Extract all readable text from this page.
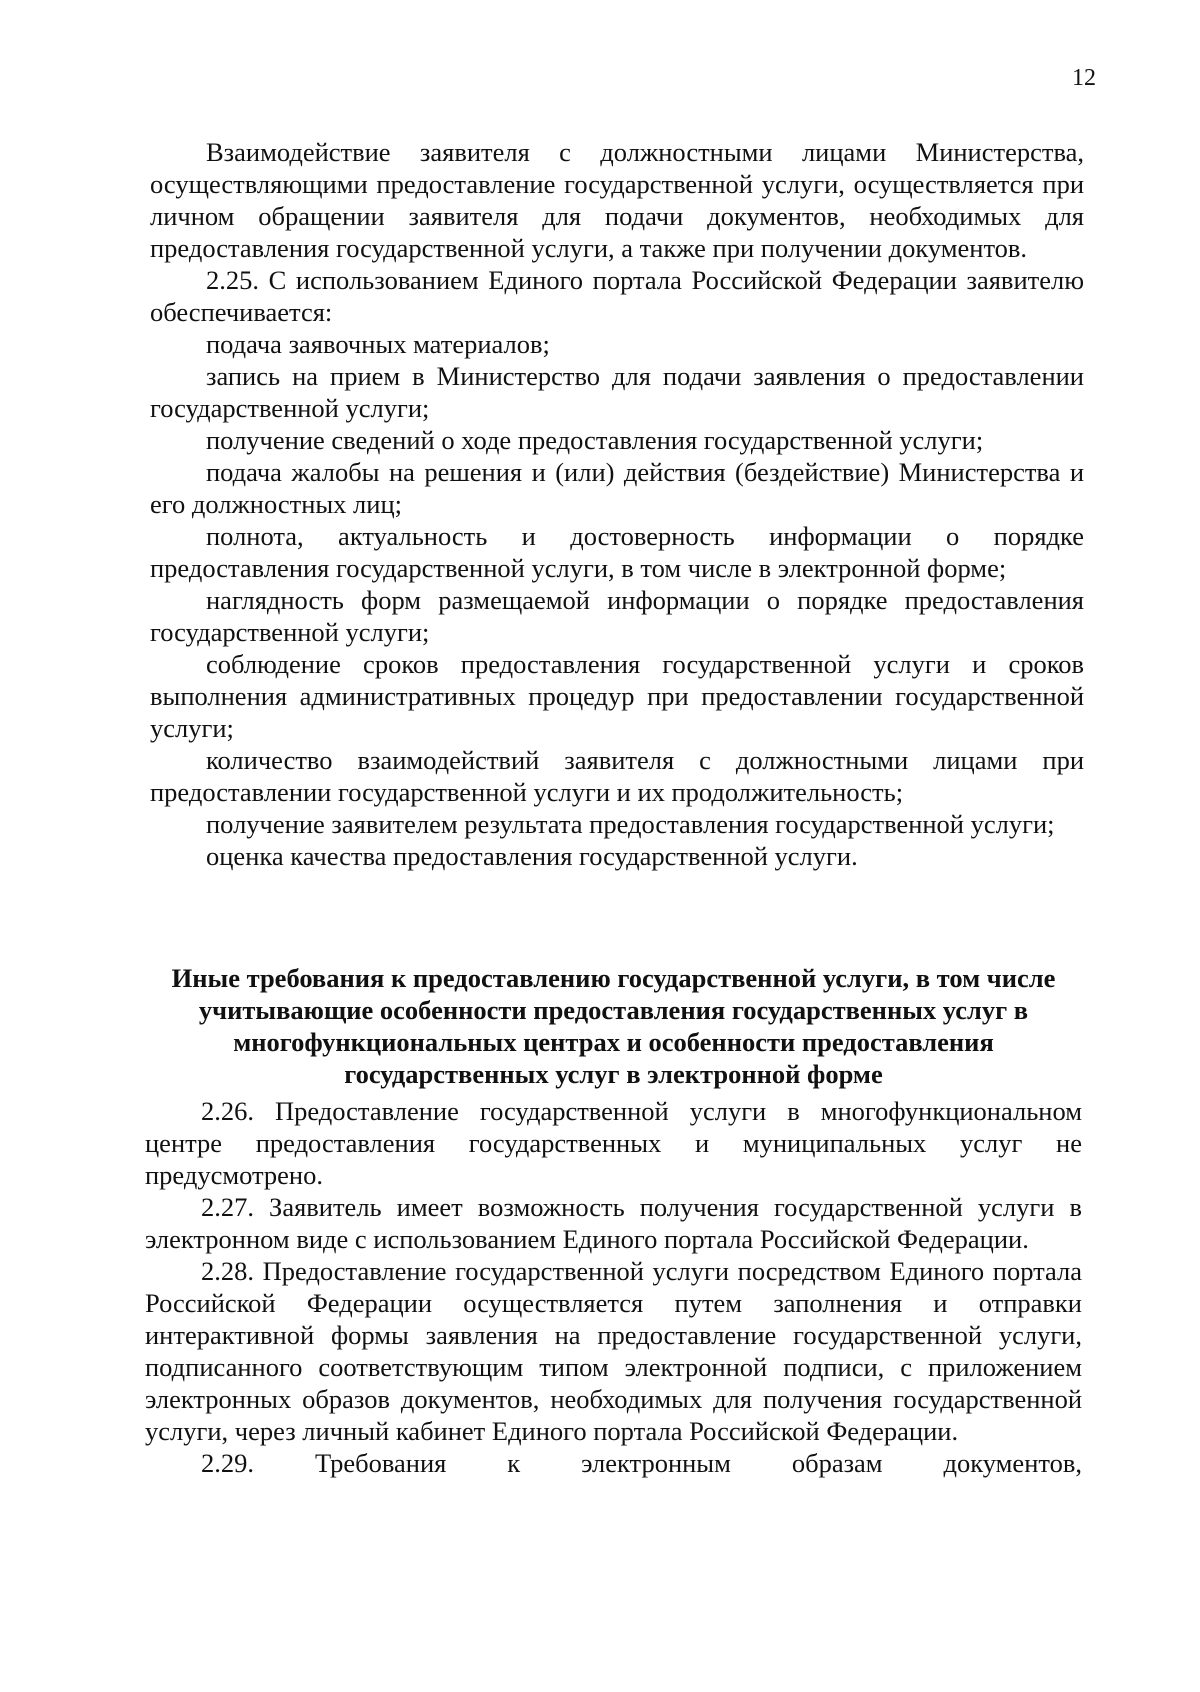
12

Взаимодействие заявителя с должностными лицами Министерства, осуществляющими предоставление государственной услуги, осуществляется при личном обращении заявителя для подачи документов, необходимых для предоставления государственной услуги, а также при получении документов.

2.25. С использованием Единого портала Российской Федерации заявителю обеспечивается:

подача заявочных материалов;

запись на прием в Министерство для подачи заявления о предоставлении государственной услуги;

получение сведений о ходе предоставления государственной услуги;

подача жалобы на решения и (или) действия (бездействие) Министерства и его должностных лиц;

полнота, актуальность и достоверность информации о порядке предоставления государственной услуги, в том числе в электронной форме;

наглядность форм размещаемой информации о порядке предоставления государственной услуги;

соблюдение сроков предоставления государственной услуги и сроков выполнения административных процедур при предоставлении государственной услуги;

количество взаимодействий заявителя с должностными лицами при предоставлении государственной услуги и их продолжительность;

получение заявителем результата предоставления государственной услуги;

оценка качества предоставления государственной услуги.

Иные требования к предоставлению государственной услуги, в том числе учитывающие особенности предоставления государственных услуг в многофункциональных центрах и особенности предоставления государственных услуг в электронной форме

2.26. Предоставление государственной услуги в многофункциональном центре предоставления государственных и муниципальных услуг не предусмотрено.

2.27. Заявитель имеет возможность получения государственной услуги в электронном виде с использованием Единого портала Российской Федерации.

2.28. Предоставление государственной услуги посредством Единого портала Российской Федерации осуществляется путем заполнения и отправки интерактивной формы заявления на предоставление государственной услуги, подписанного соответствующим типом электронной подписи, с приложением электронных образов документов, необходимых для получения государственной услуги, через личный кабинет Единого портала Российской Федерации.

2.29. Требования к электронным образам документов,
